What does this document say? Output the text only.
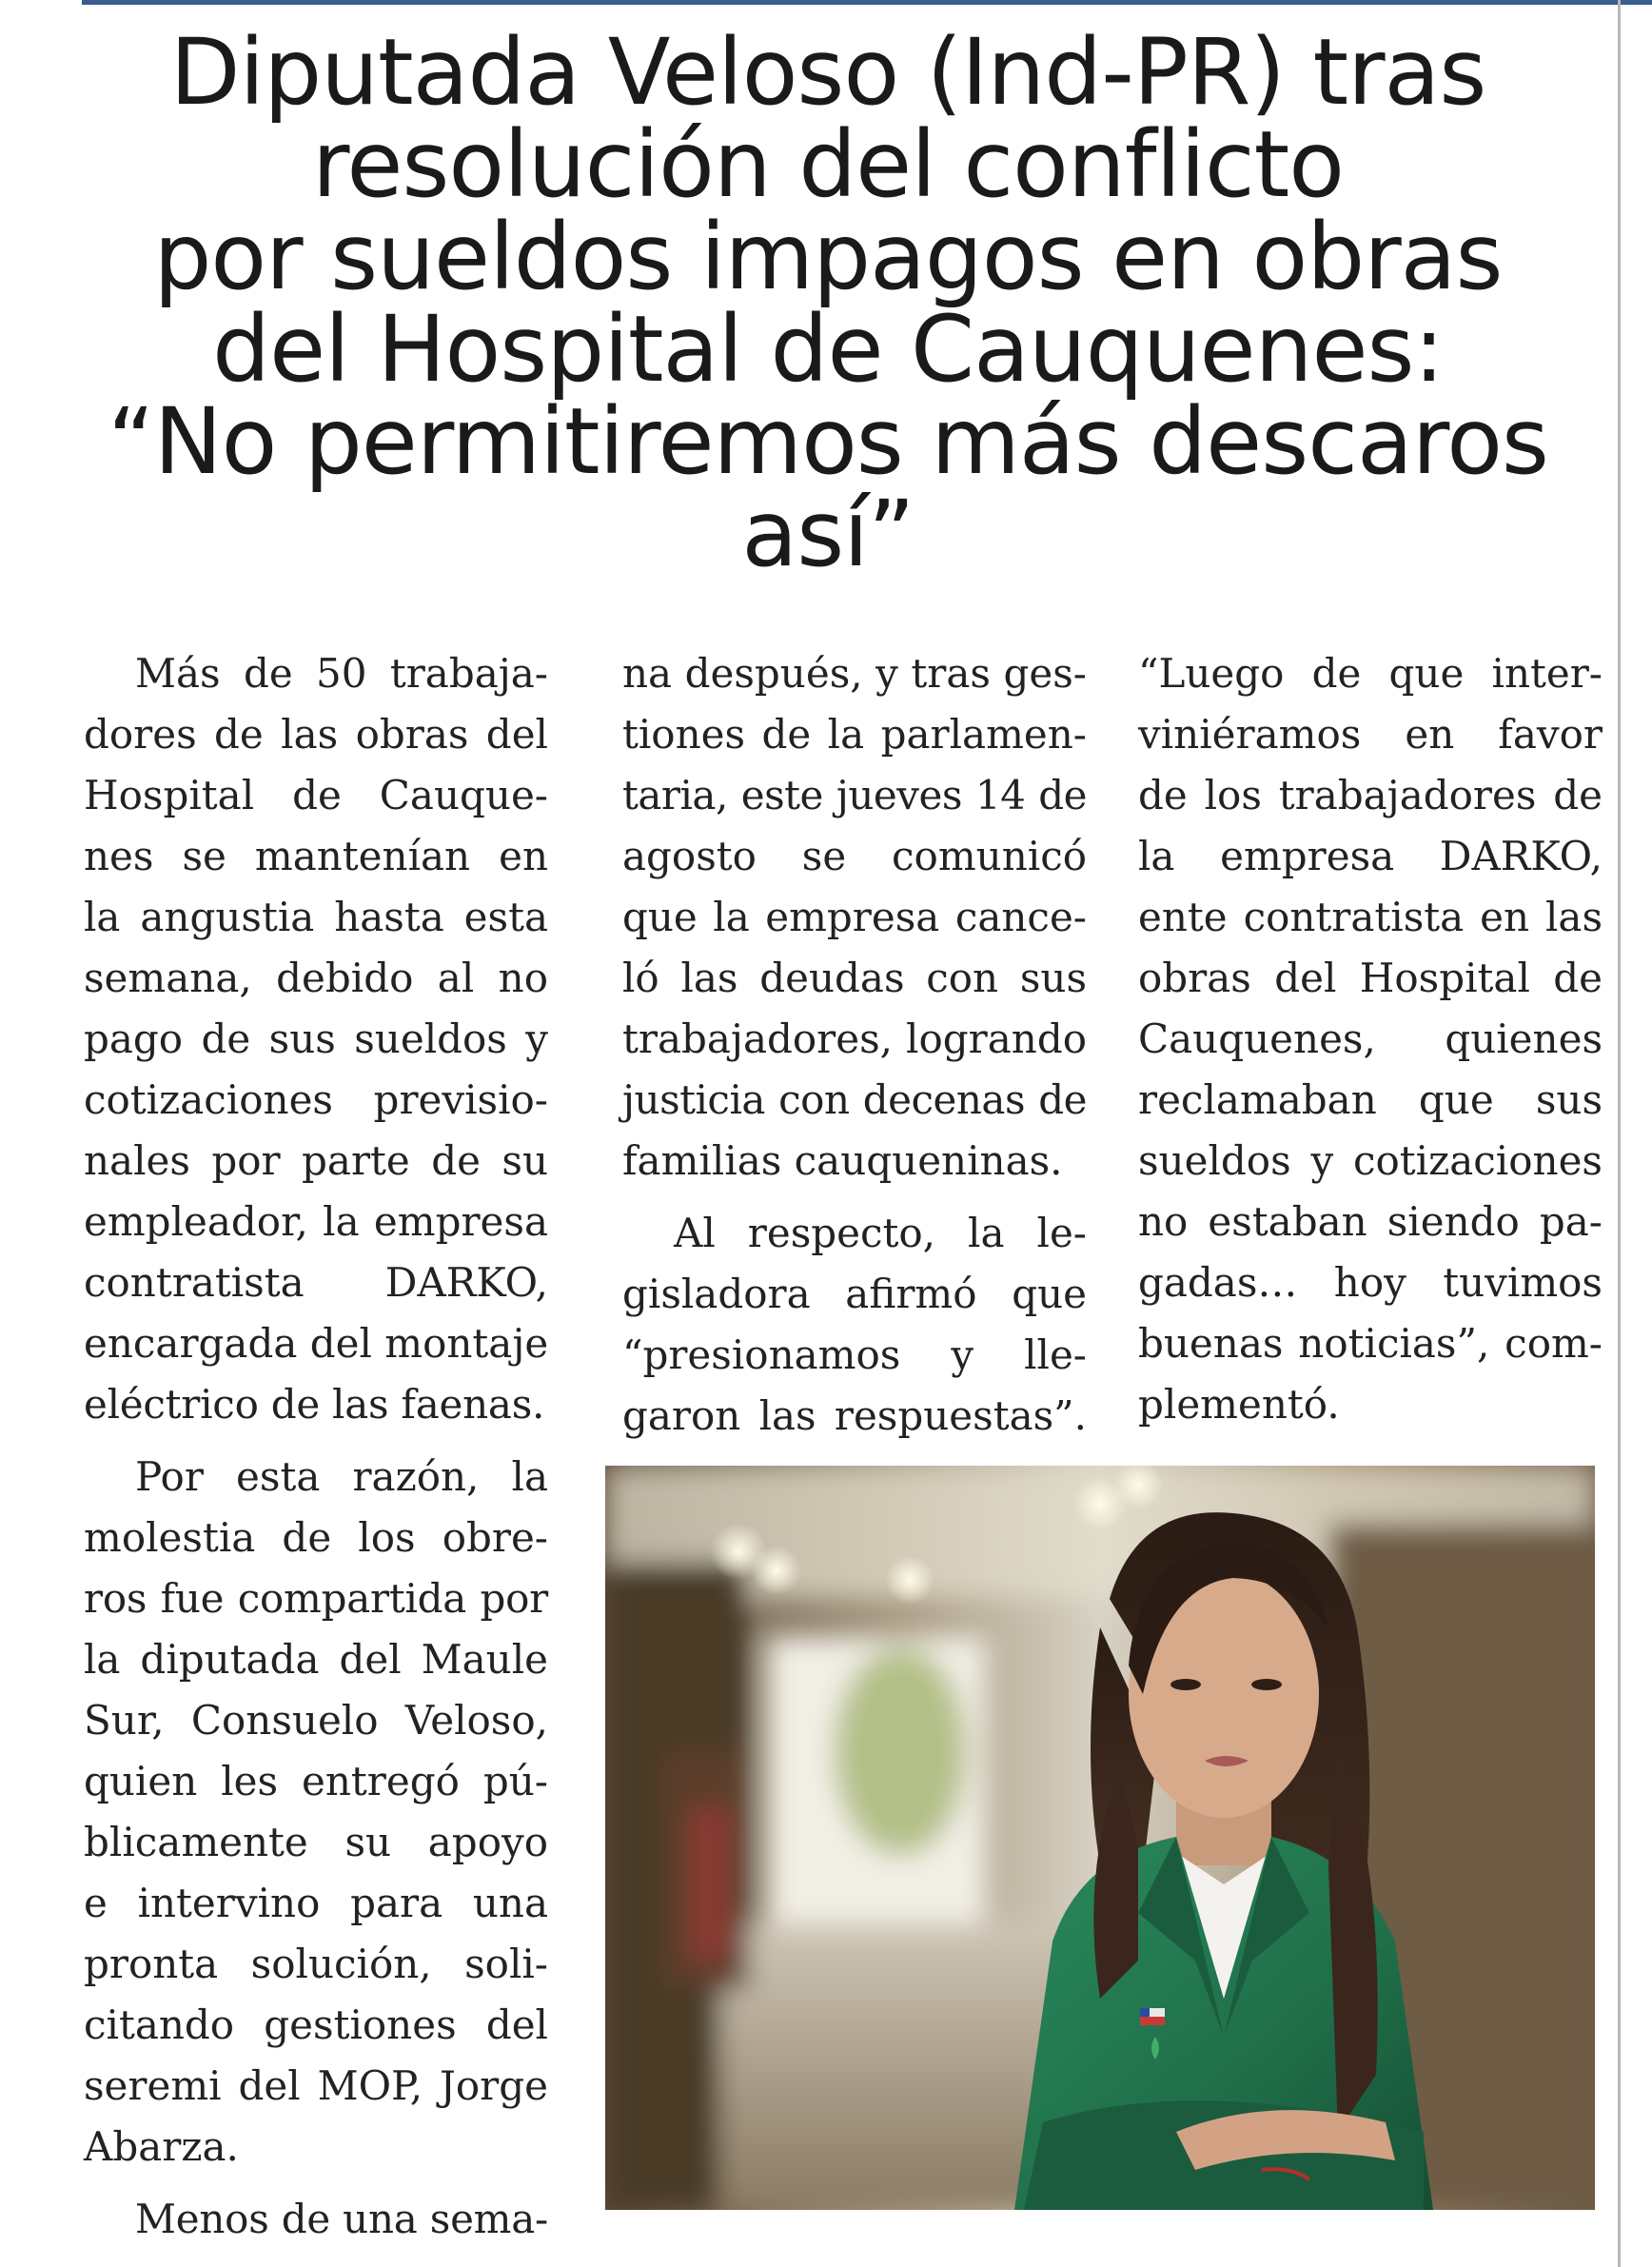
Diputada Veloso (Ind-PR) tras
resolución del conflicto
por sueldos impagos en obras
del Hospital de Cauquenes:
“No permitiremos más descaros
así”
Más de 50 trabaja-
dores de las obras del
Hospital de Cauque-
nes se mantenían en
la angustia hasta esta
semana, debido al no
pago de sus sueldos y
cotizaciones previsio-
nales por parte de su
empleador, la empresa
contratista DARKO,
encargada del montaje
eléctrico de las faenas.
Por esta razón, la
molestia de los obre-
ros fue compartida por
la diputada del Maule
Sur, Consuelo Veloso,
quien les entregó pú-
blicamente su apoyo
e intervino para una
pronta solución, soli-
citando gestiones del
seremi del MOP, Jorge
Abarza.
Menos de una sema-
na después, y tras ges-
tiones de la parlamen-
taria, este jueves 14 de
agosto se comunicó
que la empresa cance-
ló las deudas con sus
trabajadores, logrando
justicia con decenas de
familias cauqueninas.
Al respecto, la le-
gisladora afirmó que
“presionamos y lle-
garon las respuestas”.
“Luego de que inter-
viniéramos en favor
de los trabajadores de
la empresa DARKO,
ente contratista en las
obras del Hospital de
Cauquenes, quienes
reclamaban que sus
sueldos y cotizaciones
no estaban siendo pa-
gadas… hoy tuvimos
buenas noticias”, com-
plementó.
